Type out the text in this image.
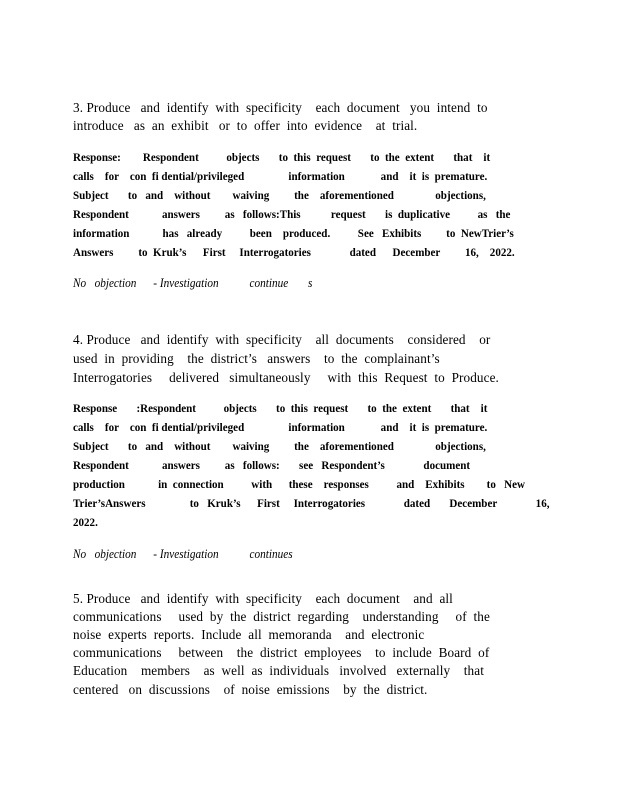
3. Produce   and  identify  with  specificity    each  document   you  intend  to
introduce   as  an  exhibit   or  to  offer  into  evidence    at  trial.
Response:        Respondent          objects       to  this  request       to  the  extent       that    it
calls    for    con  fi dential/privileged                information             and    it  is  premature.
Subject       to   and    without        waiving         the    aforementioned               objections,
Respondent            answers         as   follows:This           request       is  duplicative          as   the
information            has   already          been    produced.          See   Exhibits         to  NewTrier’s
Answers         to  Kruk’s      First     Interrogatories              dated      December         16,    2022.
No   objection      - Investigation           continue       s
4. Produce   and  identify  with  specificity    all  documents    considered    or
used  in  providing    the  district’s   answers    to  the  complainant’s
Interrogatories     delivered   simultaneously     with  this  Request  to  Produce.
Response       :Respondent          objects       to  this  request       to  the  extent       that    it
calls    for    con  fi dential/privileged                information             and    it  is  premature.
Subject       to   and    without        waiving         the    aforementioned               objections,
Respondent            answers         as   follows:       see   Respondent’s              document
production            in  connection          with      these    responses          and    Exhibits        to   New
Trier’sAnswers                to   Kruk’s      First     Interrogatories              dated       December              16,
2022.
No   objection      - Investigation           continues
5. Produce   and  identify  with  specificity    each  document    and  all
communications     used  by  the  district  regarding    understanding     of  the
noise  experts  reports.  Include  all  memoranda    and  electronic
communications     between    the  district  employees    to  include  Board  of
Education    members    as  well  as  individuals   involved   externally    that
centered   on  discussions    of  noise  emissions    by  the  district.
